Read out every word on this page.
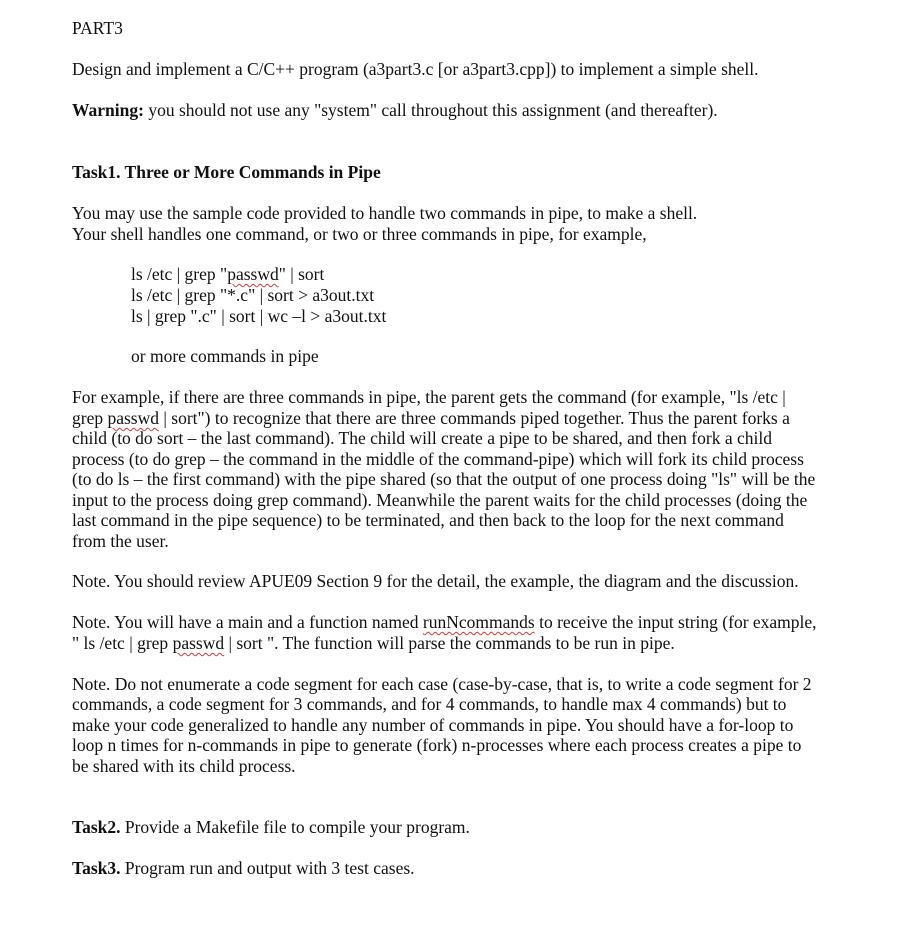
PART3
Design and implement a C/C++ program (a3part3.c [or a3part3.cpp]) to implement a simple shell.
Warning: you should not use any "system" call throughout this assignment (and thereafter).
Task1. Three or More Commands in Pipe
You may use the sample code provided to handle two commands in pipe, to make a shell.
Your shell handles one command, or two or three commands in pipe, for example,
ls /etc | grep "passwd" | sort
ls /etc | grep "*.c" | sort > a3out.txt
ls | grep ".c" | sort | wc –l > a3out.txt
or more commands in pipe
For example, if there are three commands in pipe, the parent gets the command (for example, "ls /etc |
grep passwd | sort") to recognize that there are three commands piped together. Thus the parent forks a
child (to do sort – the last command). The child will create a pipe to be shared, and then fork a child
process (to do grep – the command in the middle of the command-pipe) which will fork its child process
(to do ls – the first command) with the pipe shared (so that the output of one process doing "ls" will be the
input to the process doing grep command). Meanwhile the parent waits for the child processes (doing the
last command in the pipe sequence) to be terminated, and then back to the loop for the next command
from the user.
Note. You should review APUE09 Section 9 for the detail, the example, the diagram and the discussion.
Note. You will have a main and a function named runNcommands to receive the input string (for example,
" ls /etc | grep passwd | sort ". The function will parse the commands to be run in pipe.
Note. Do not enumerate a code segment for each case (case-by-case, that is, to write a code segment for 2
commands, a code segment for 3 commands, and for 4 commands, to handle max 4 commands) but to
make your code generalized to handle any number of commands in pipe. You should have a for-loop to
loop n times for n-commands in pipe to generate (fork) n-processes where each process creates a pipe to
be shared with its child process.
Task2. Provide a Makefile file to compile your program.
Task3. Program run and output with 3 test cases.
